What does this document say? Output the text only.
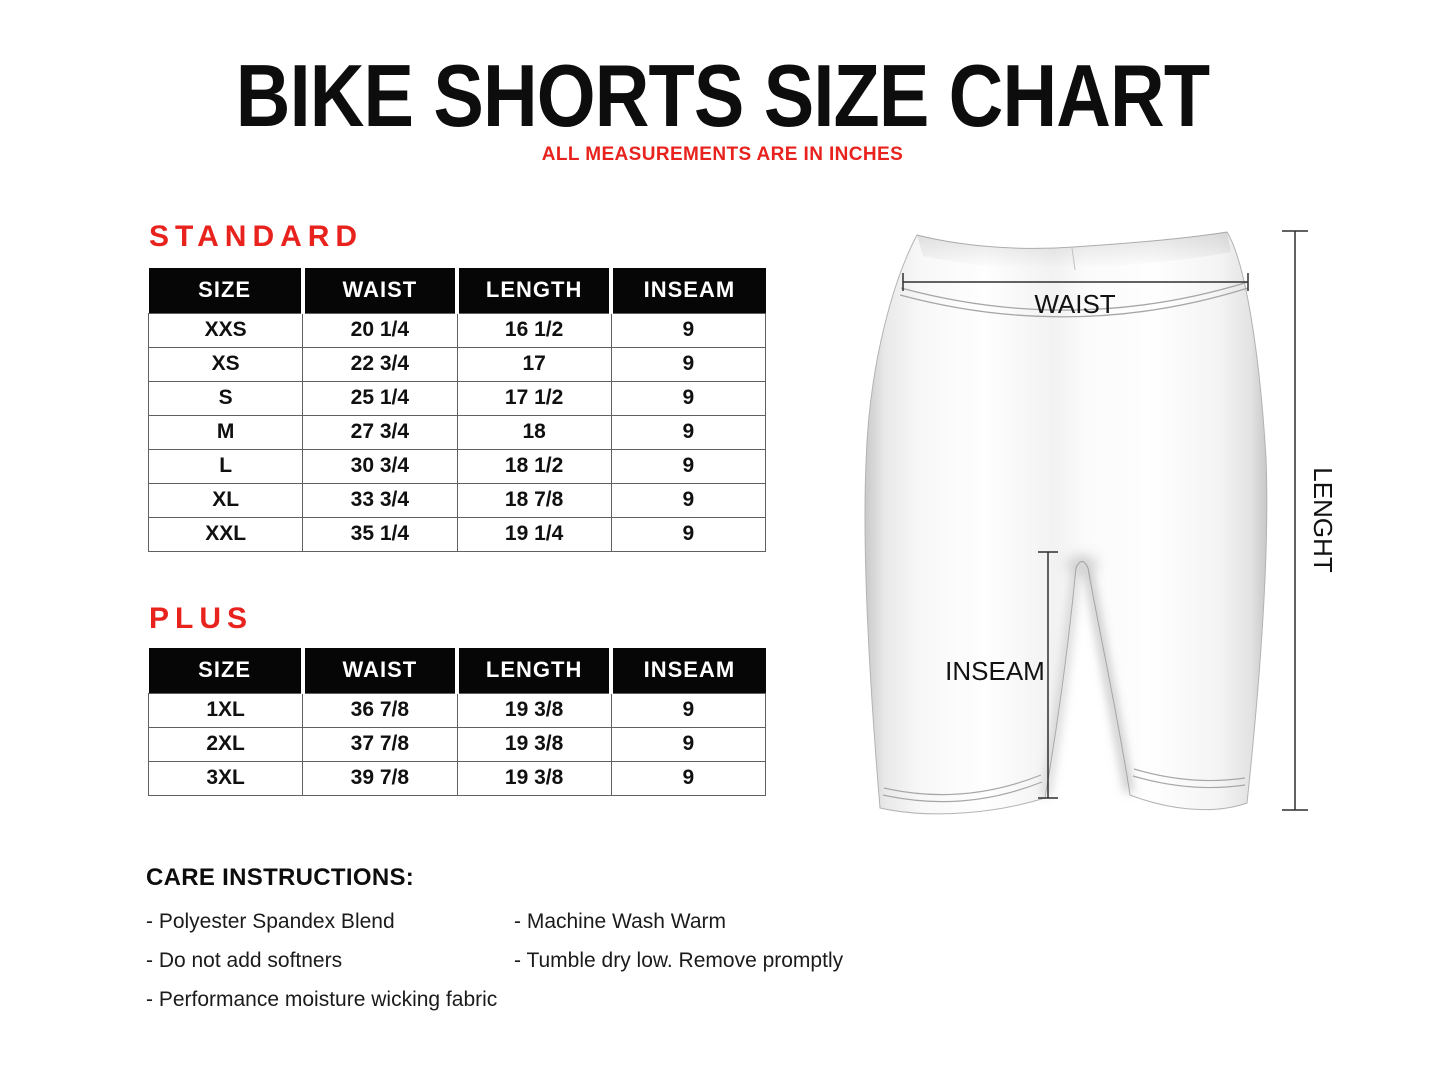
BIKE SHORTS SIZE CHART
ALL MEASUREMENTS ARE IN INCHES
STANDARD
SIZE	WAIST	LENGTH	INSEAM
XXS	20 1/4	16 1/2	9
XS	22 3/4	17	9
S	25 1/4	17 1/2	9
M	27 3/4	18	9
L	30 3/4	18 1/2	9
XL	33 3/4	18 7/8	9
XXL	35 1/4	19 1/4	9
PLUS
SIZE	WAIST	LENGTH	INSEAM
1XL	36 7/8	19 3/8	9
2XL	37 7/8	19 3/8	9
3XL	39 7/8	19 3/8	9
CARE INSTRUCTIONS:
- Polyester Spandex Blend	- Machine Wash Warm
- Do not add softners	- Tumble dry low. Remove promptly
- Performance moisture wicking fabric
WAIST
INSEAM
LENGHT
